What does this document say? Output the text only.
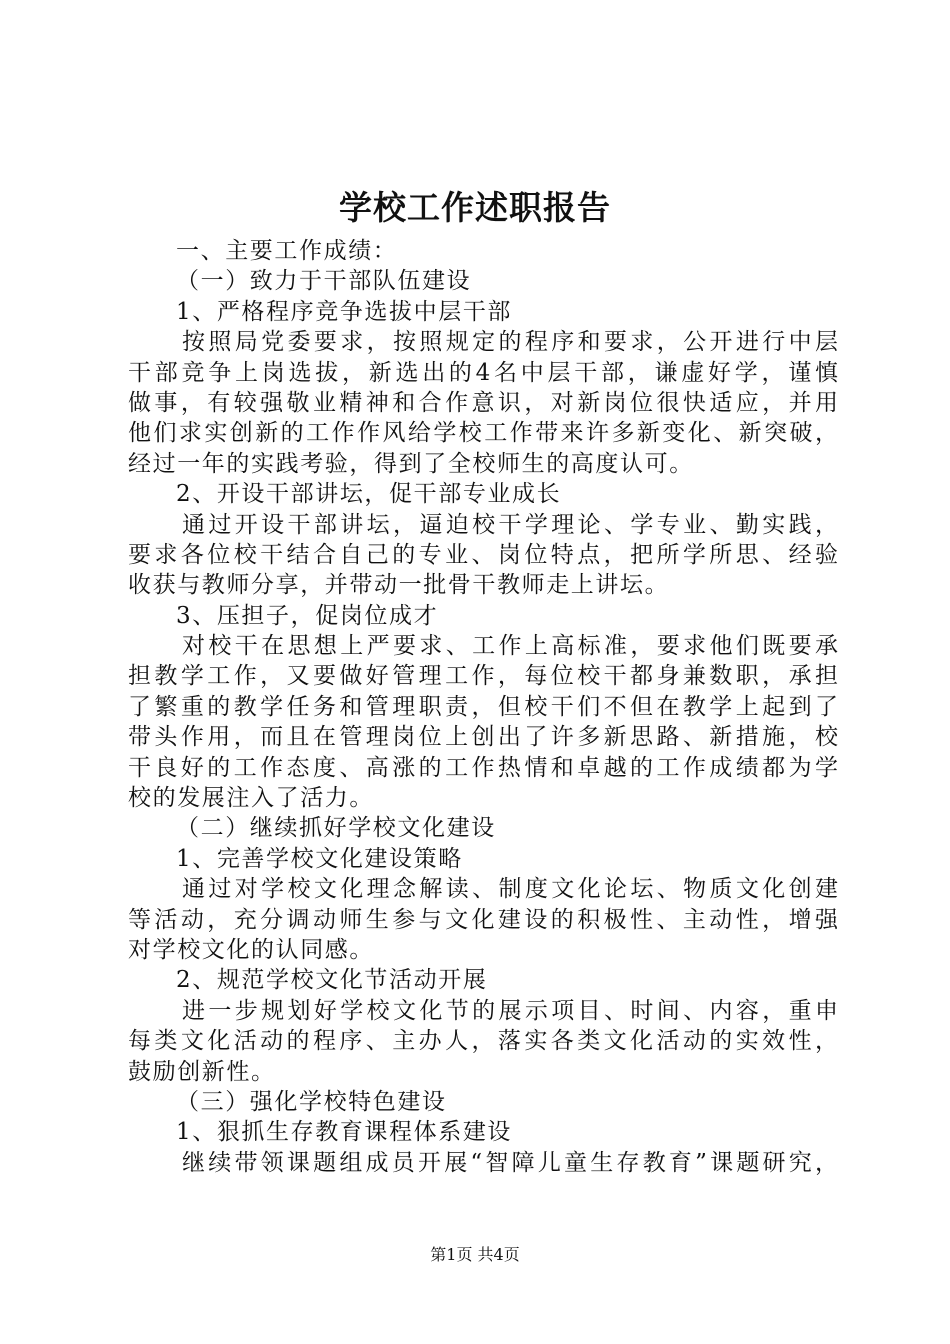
学校工作述职报告
一、主要工作成绩：
（一）致力于干部队伍建设
1、严格程序竞争选拔中层干部
按照局党委要求，按照规定的程序和要求，公开进行中层
干部竞争上岗选拔，新选出的4名中层干部，谦虚好学，谨慎
做事，有较强敬业精神和合作意识，对新岗位很快适应，并用
他们求实创新的工作作风给学校工作带来许多新变化、新突破，
经过一年的实践考验，得到了全校师生的高度认可。
2、开设干部讲坛，促干部专业成长
通过开设干部讲坛，逼迫校干学理论、学专业、勤实践，
要求各位校干结合自己的专业、岗位特点，把所学所思、经验
收获与教师分享，并带动一批骨干教师走上讲坛。
3、压担子，促岗位成才
对校干在思想上严要求、工作上高标准，要求他们既要承
担教学工作，又要做好管理工作，每位校干都身兼数职，承担
了繁重的教学任务和管理职责，但校干们不但在教学上起到了
带头作用，而且在管理岗位上创出了许多新思路、新措施，校
干良好的工作态度、高涨的工作热情和卓越的工作成绩都为学
校的发展注入了活力。
（二）继续抓好学校文化建设
1、完善学校文化建设策略
通过对学校文化理念解读、制度文化论坛、物质文化创建
等活动，充分调动师生参与文化建设的积极性、主动性，增强
对学校文化的认同感。
2、规范学校文化节活动开展
进一步规划好学校文化节的展示项目、时间、内容，重申
每类文化活动的程序、主办人，落实各类文化活动的实效性，
鼓励创新性。
（三）强化学校特色建设
1、狠抓生存教育课程体系建设
继续带领课题组成员开展“智障儿童生存教育”课题研究，
第1页 共4页
